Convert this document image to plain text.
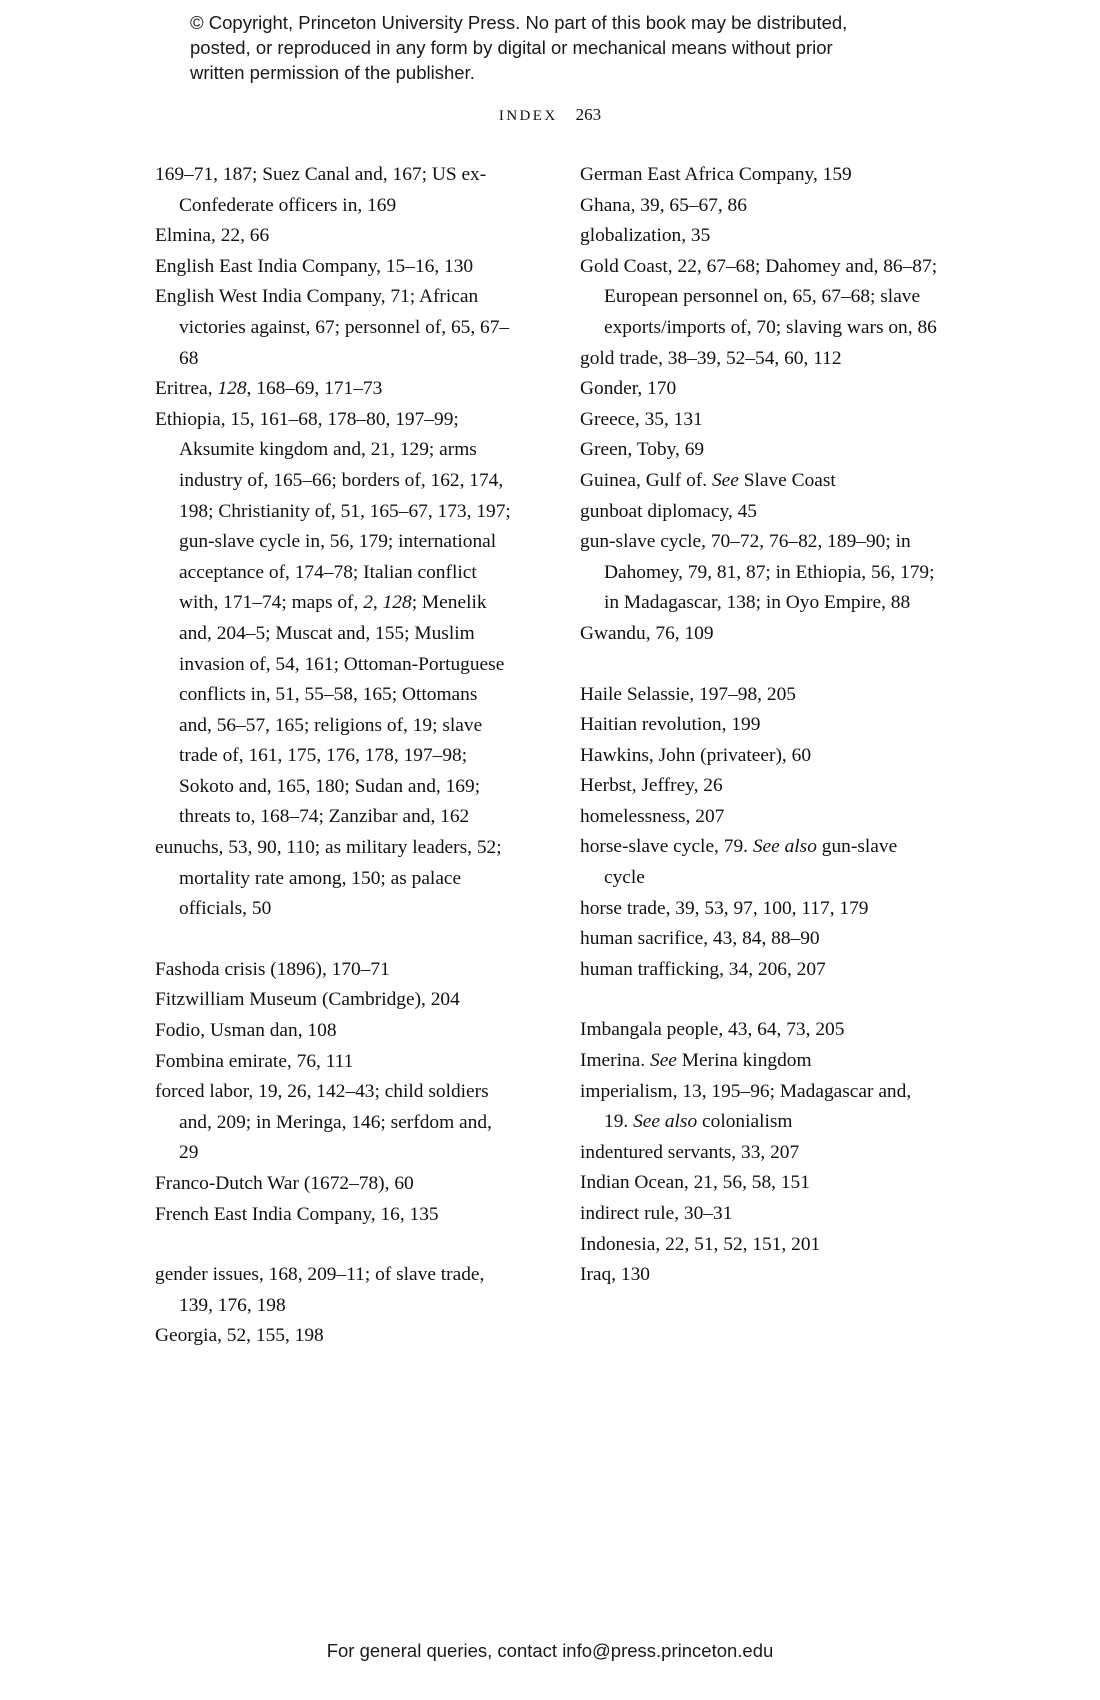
© Copyright, Princeton University Press. No part of this book may be distributed, posted, or reproduced in any form by digital or mechanical means without prior written permission of the publisher.
INDEX 263

169–71, 187; Suez Canal and, 167; US ex-Confederate officers in, 169

Elmina, 22, 66

English East India Company, 15–16, 130

English West India Company, 71; African victories against, 67; personnel of, 65, 67–68

Eritrea, 128, 168–69, 171–73

Ethiopia, 15, 161–68, 178–80, 197–99; Aksumite kingdom and, 21, 129; arms industry of, 165–66; borders of, 162, 174, 198; Christianity of, 51, 165–67, 173, 197; gun-slave cycle in, 56, 179; international acceptance of, 174–78; Italian conflict with, 171–74; maps of, 2, 128; Menelik and, 204–5; Muscat and, 155; Muslim invasion of, 54, 161; Ottoman-Portuguese conflicts in, 51, 55–58, 165; Ottomans and, 56–57, 165; religions of, 19; slave trade of, 161, 175, 176, 178, 197–98; Sokoto and, 165, 180; Sudan and, 169; threats to, 168–74; Zanzibar and, 162

eunuchs, 53, 90, 110; as military leaders, 52; mortality rate among, 150; as palace officials, 50

Fashoda crisis (1896), 170–71

Fitzwilliam Museum (Cambridge), 204

Fodio, Usman dan, 108

Fombina emirate, 76, 111

forced labor, 19, 26, 142–43; child soldiers and, 209; in Meringa, 146; serfdom and, 29

Franco-Dutch War (1672–78), 60

French East India Company, 16, 135

gender issues, 168, 209–11; of slave trade, 139, 176, 198

Georgia, 52, 155, 198

German East Africa Company, 159

Ghana, 39, 65–67, 86

globalization, 35

Gold Coast, 22, 67–68; Dahomey and, 86–87; European personnel on, 65, 67–68; slave exports/imports of, 70; slaving wars on, 86

gold trade, 38–39, 52–54, 60, 112

Gonder, 170

Greece, 35, 131

Green, Toby, 69

Guinea, Gulf of. See Slave Coast

gunboat diplomacy, 45

gun-slave cycle, 70–72, 76–82, 189–90; in Dahomey, 79, 81, 87; in Ethiopia, 56, 179; in Madagascar, 138; in Oyo Empire, 88

Gwandu, 76, 109

Haile Selassie, 197–98, 205

Haitian revolution, 199

Hawkins, John (privateer), 60

Herbst, Jeffrey, 26

homelessness, 207

horse-slave cycle, 79. See also gun-slave cycle

horse trade, 39, 53, 97, 100, 117, 179

human sacrifice, 43, 84, 88–90

human trafficking, 34, 206, 207

Imbangala people, 43, 64, 73, 205

Imerina. See Merina kingdom

imperialism, 13, 195–96; Madagascar and, 19. See also colonialism

indentured servants, 33, 207

Indian Ocean, 21, 56, 58, 151

indirect rule, 30–31

Indonesia, 22, 51, 52, 151, 201

Iraq, 130

For general queries, contact info@press.princeton.edu
